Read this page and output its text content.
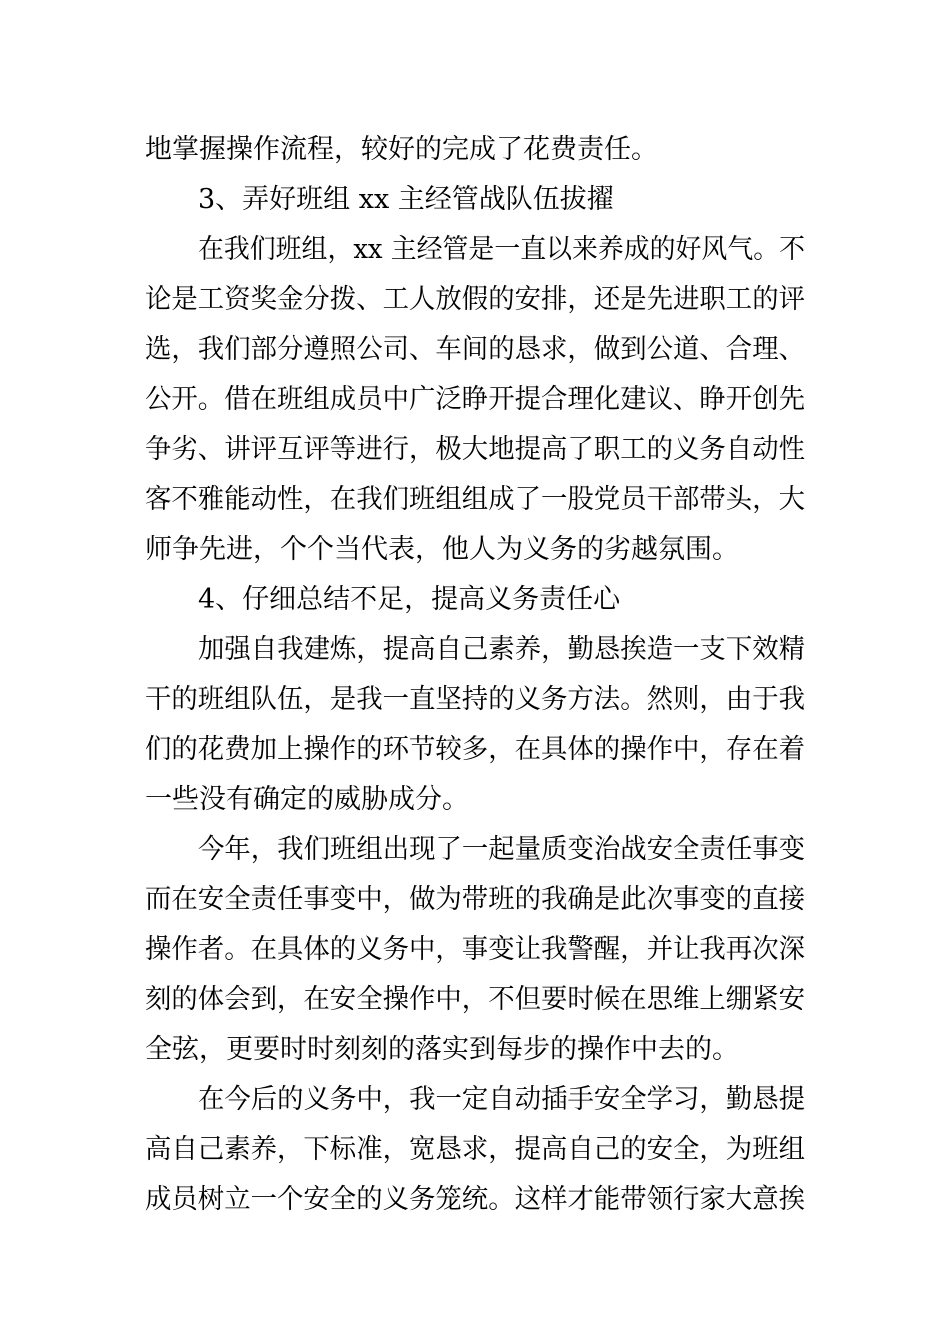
地掌握操作流程，较好的完成了花费责任。
3、弄好班组 xx 主经管战队伍拔擢
在我们班组，xx 主经管是一直以来养成的好风气。不
论是工资奖金分拨、工人放假的安排，还是先进职工的评
选，我们部分遵照公司、车间的恳求，做到公道、合理、
公开。借在班组成员中广泛睁开提合理化建议、睁开创先
争劣、讲评互评等进行，极大地提高了职工的义务自动性
客不雅能动性，在我们班组组成了一股党员干部带头，大
师争先进，个个当代表，他人为义务的劣越氛围。
4、仔细总结不足，提高义务责任心
加强自我建炼，提高自己素养，勤恳挨造一支下效精
干的班组队伍，是我一直坚持的义务方法。然则，由于我
们的花费加上操作的环节较多，在具体的操作中，存在着
一些没有确定的威胁成分。
今年，我们班组出现了一起量质变治战安全责任事变
而在安全责任事变中，做为带班的我确是此次事变的直接
操作者。在具体的义务中，事变让我警醒，并让我再次深
刻的体会到，在安全操作中，不但要时候在思维上绷紧安
全弦，更要时时刻刻的落实到每步的操作中去的。
在今后的义务中，我一定自动插手安全学习，勤恳提
高自己素养，下标准，宽恳求，提高自己的安全，为班组
成员树立一个安全的义务笼统。这样才能带领行家大意挨
